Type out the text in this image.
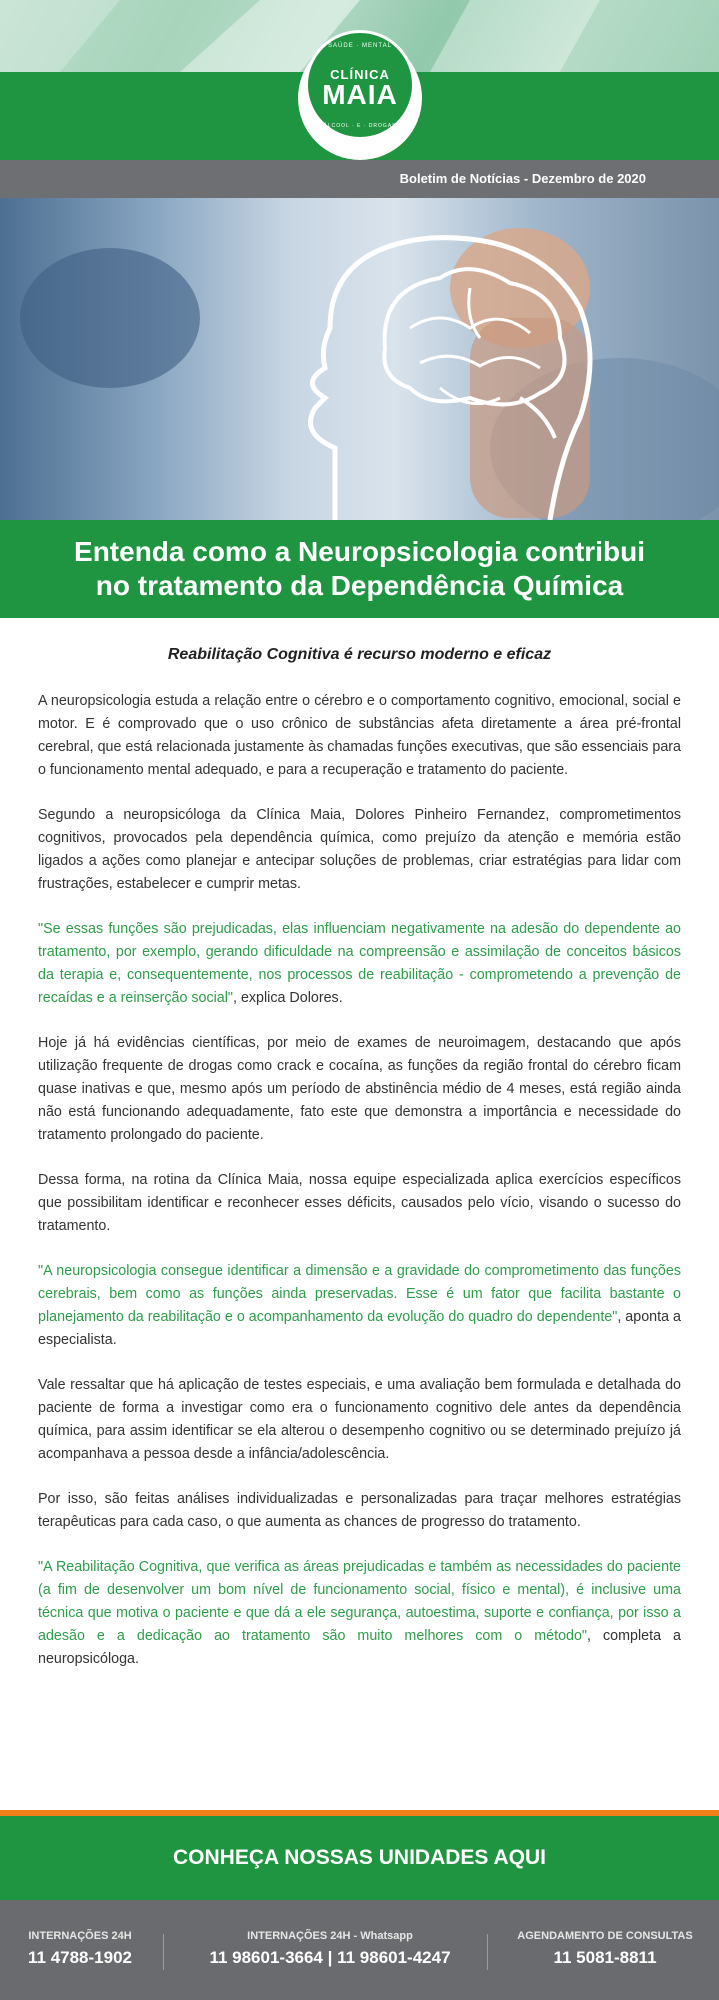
SAÚDE · MENTAL
CLÍNICA
MAIA
ÁLCOOL · E · DROGAS
Boletim de Notícias - Dezembro de 2020
Entenda como a Neuropsicologia contribui
no tratamento da Dependência Química
Reabilitação Cognitiva é recurso moderno e eficaz

A neuropsicologia estuda a relação entre o cérebro e o comportamento cognitivo, emocional, social e motor. E é comprovado que o uso crônico de substâncias afeta diretamente a área pré-frontal cerebral, que está relacionada justamente às chamadas funções executivas, que são essenciais para o funcionamento mental adequado, e para a recuperação e tratamento do paciente.

Segundo a neuropsicóloga da Clínica Maia, Dolores Pinheiro Fernandez, comprometimentos cognitivos, provocados pela dependência química, como prejuízo da atenção e memória estão ligados a ações como planejar e antecipar soluções de problemas, criar estratégias para lidar com frustrações, estabelecer e cumprir metas.

"Se essas funções são prejudicadas, elas influenciam negativamente na adesão do dependente ao tratamento, por exemplo, gerando dificuldade na compreensão e assimilação de conceitos básicos da terapia e, consequentemente, nos processos de reabilitação - comprometendo a prevenção de recaídas e a reinserção social", explica Dolores.

Hoje já há evidências científicas, por meio de exames de neuroimagem, destacando que após utilização frequente de drogas como crack e cocaína, as funções da região frontal do cérebro ficam quase inativas e que, mesmo após um período de abstinência médio de 4 meses, está região ainda não está funcionando adequadamente, fato este que demonstra a importância e necessidade do tratamento prolongado do paciente.

Dessa forma, na rotina da Clínica Maia, nossa equipe especializada aplica exercícios específicos que possibilitam identificar e reconhecer esses déficits, causados pelo vício, visando o sucesso do tratamento.

"A neuropsicologia consegue identificar a dimensão e a gravidade do comprometimento das funções cerebrais, bem como as funções ainda preservadas. Esse é um fator que facilita bastante o planejamento da reabilitação e o acompanhamento da evolução do quadro do dependente", aponta a especialista.

Vale ressaltar que há aplicação de testes especiais, e uma avaliação bem formulada e detalhada do paciente de forma a investigar como era o funcionamento cognitivo dele antes da dependência química, para assim identificar se ela alterou o desempenho cognitivo ou se determinado prejuízo já acompanhava a pessoa desde a infância/adolescência.

Por isso, são feitas análises individualizadas e personalizadas para traçar melhores estratégias terapêuticas para cada caso, o que aumenta as chances de progresso do tratamento.

"A Reabilitação Cognitiva, que verifica as áreas prejudicadas e também as necessidades do paciente (a fim de desenvolver um bom nível de funcionamento social, físico e mental), é inclusive uma técnica que motiva o paciente e que dá a ele segurança, autoestima, suporte e confiança, por isso a adesão e a dedicação ao tratamento são muito melhores com o método", completa a neuropsicóloga.

CONHEÇA NOSSAS UNIDADES AQUI
INTERNAÇÕES 24H
11 4788-1902
INTERNAÇÕES 24H - Whatsapp
11 98601-3664 | 11 98601-4247
AGENDAMENTO DE CONSULTAS
11 5081-8811
